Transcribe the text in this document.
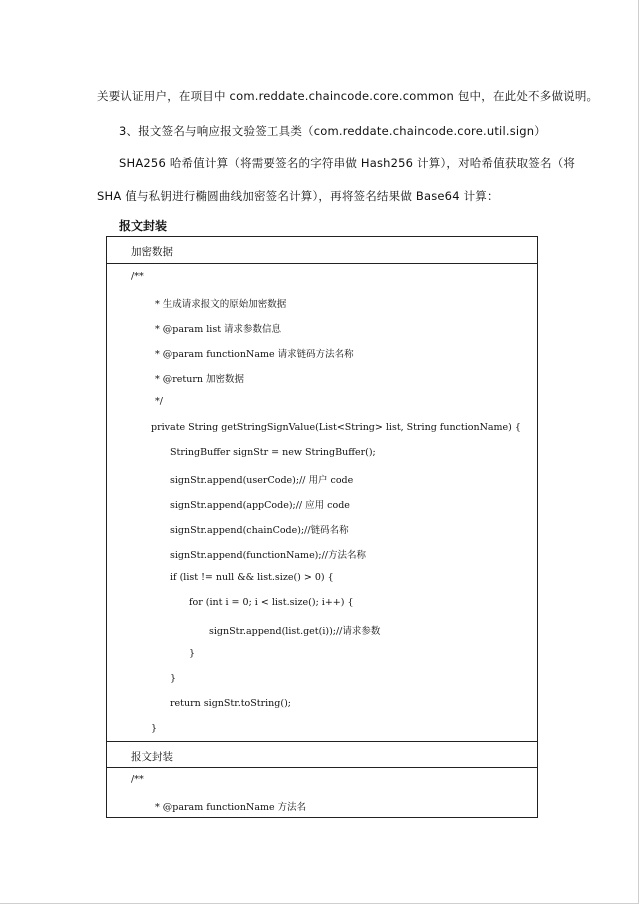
关要认证用户，在项目中 com.reddate.chaincode.core.common 包中，在此处不多做说明。
3、报文签名与响应报文验签工具类（com.reddate.chaincode.core.util.sign）
SHA256 哈希值计算（将需要签名的字符串做 Hash256 计算），对哈希值获取签名（将
SHA 值与私钥进行椭圆曲线加密签名计算），再将签名结果做 Base64 计算：
报文封装
加密数据
/**
* 生成请求报文的原始加密数据
* @param list 请求参数信息
* @param functionName 请求链码方法名称
* @return 加密数据
*/
private String getStringSignValue(List<String> list, String functionName) {
StringBuffer signStr = new StringBuffer();
signStr.append(userCode);// 用户 code
signStr.append(appCode);// 应用 code
signStr.append(chainCode);//链码名称
signStr.append(functionName);//方法名称
if (list != null && list.size() > 0) {
for (int i = 0; i < list.size(); i++) {
signStr.append(list.get(i));//请求参数
}
}
return signStr.toString();
}
报文封装
/**
* @param functionName 方法名
